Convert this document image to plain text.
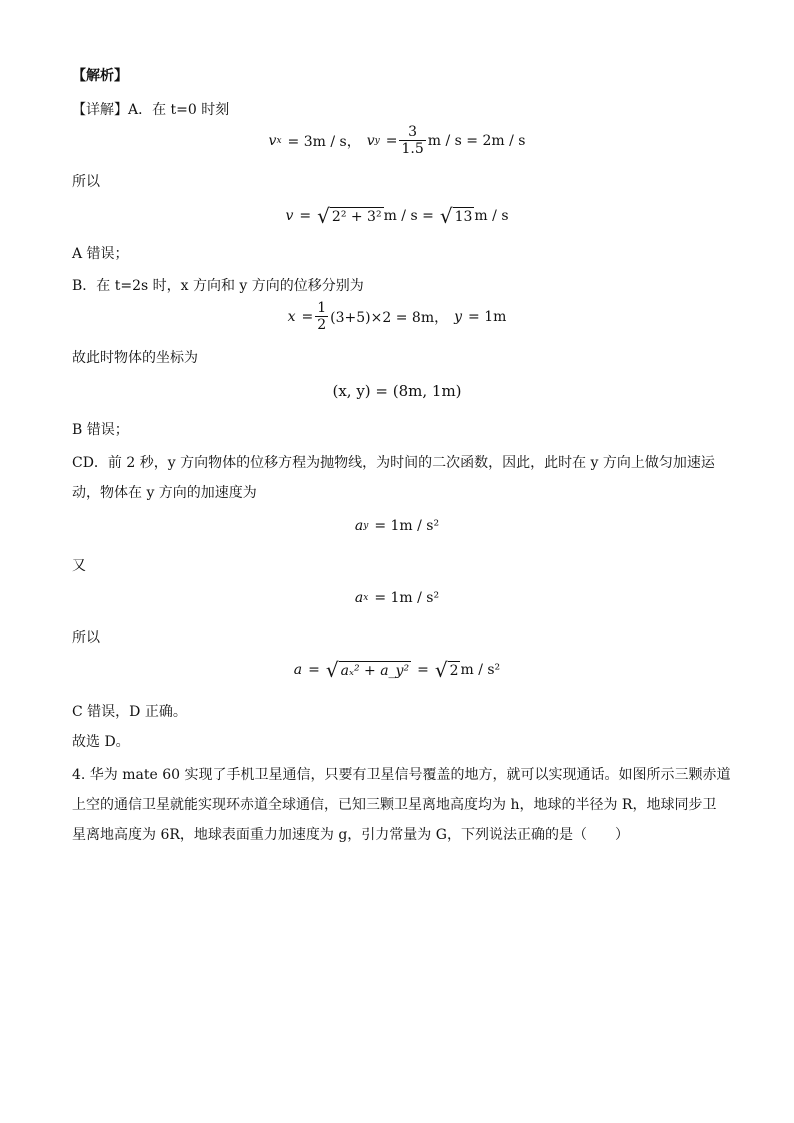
【解析】
【详解】A．在 t=0 时刻
v x = 3m / s， v $y = \frac{3}{1.5}$ m / s = 2m / s
所以
v = √ 2² + 3² m / s = √ 13 m / s
A 错误；
B．在 t=2s 时，x 方向和 y 方向的位移分别为
$x = \frac{1}{2} (3+5)\times 2 = 8m$， y = 1m
故此时物体的坐标为
(x, y) = (8m, 1m)
B 错误；
CD．前 2 秒，y 方向物体的位移方程为抛物线，为时间的二次函数，因此，此时在 y 方向上做匀加速运
动，物体在 y 方向的加速度为
a y = 1m / s²
又
a x = 1m / s²
所以
a = √ aₓ² + a_y² = √ 2 m / s²
C 错误，D 正确。
故选 D。
4. 华为 mate 60 实现了手机卫星通信，只要有卫星信号覆盖的地方，就可以实现通话。如图所示三颗赤道
上空的通信卫星就能实现环赤道全球通信，已知三颗卫星离地高度均为 h，地球的半径为 R，地球同步卫
星离地高度为 6R，地球表面重力加速度为 g，引力常量为 G，下列说法正确的是（　　）
